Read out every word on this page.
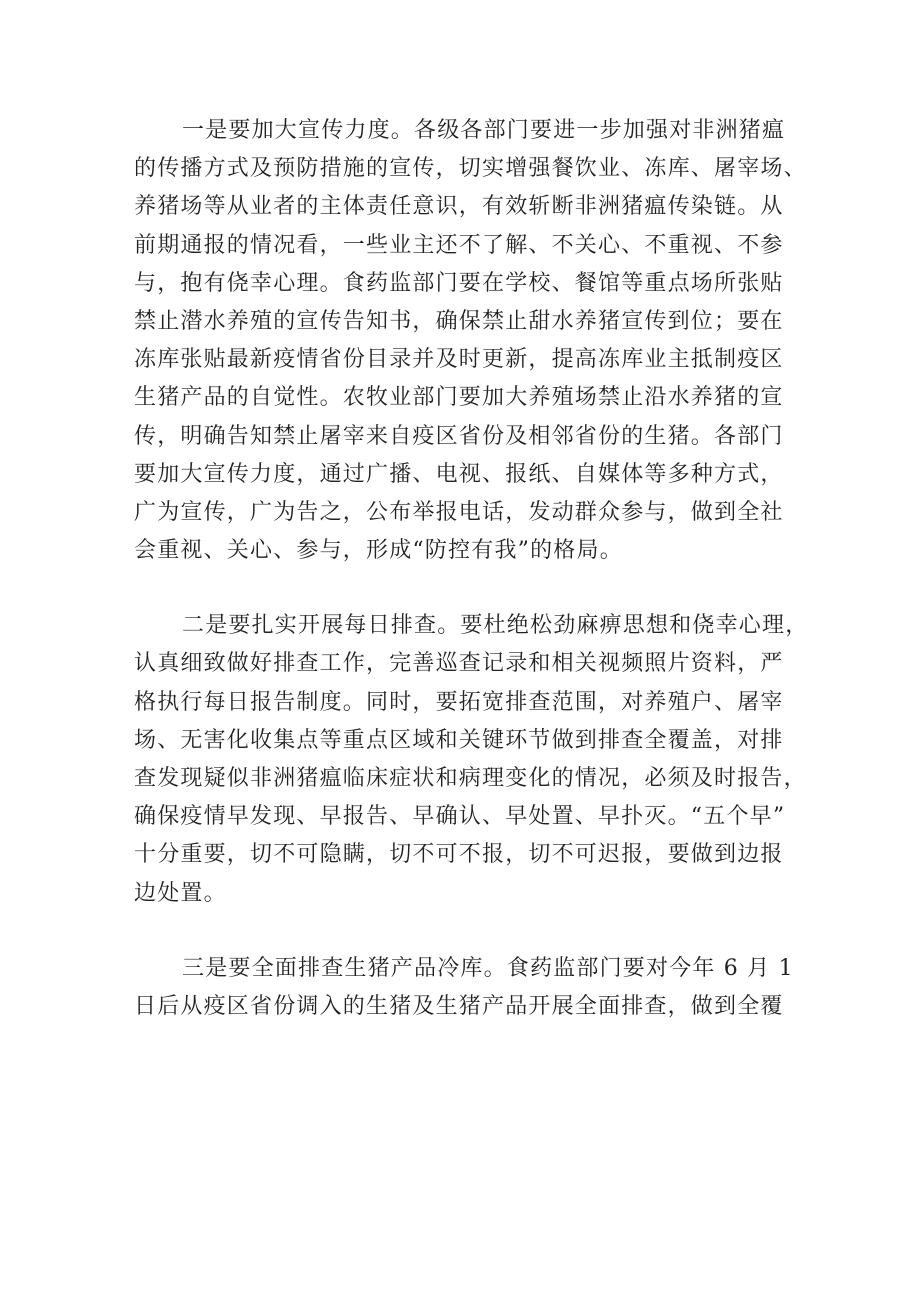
一是要加大宣传力度。各级各部门要进一步加强对非洲猪瘟
的传播方式及预防措施的宣传，切实增强餐饮业、冻库、屠宰场、
养猪场等从业者的主体责任意识，有效斩断非洲猪瘟传染链。从
前期通报的情况看，一些业主还不了解、不关心、不重视、不参
与，抱有侥幸心理。食药监部门要在学校、餐馆等重点场所张贴
禁止潜水养殖的宣传告知书，确保禁止甜水养猪宣传到位；要在
冻库张贴最新疫情省份目录并及时更新，提高冻库业主抵制疫区
生猪产品的自觉性。农牧业部门要加大养殖场禁止沿水养猪的宣
传，明确告知禁止屠宰来自疫区省份及相邻省份的生猪。各部门
要加大宣传力度，通过广播、电视、报纸、自媒体等多种方式，
广为宣传，广为告之，公布举报电话，发动群众参与，做到全社
会重视、关心、参与，形成“防控有我”的格局。
二是要扎实开展每日排查。要杜绝松劲麻痹思想和侥幸心理，
认真细致做好排查工作，完善巡查记录和相关视频照片资料，严
格执行每日报告制度。同时，要拓宽排查范围，对养殖户、屠宰
场、无害化收集点等重点区域和关键环节做到排查全覆盖，对排
查发现疑似非洲猪瘟临床症状和病理变化的情况，必须及时报告，
确保疫情早发现、早报告、早确认、早处置、早扑灭。“五个早”
十分重要，切不可隐瞒，切不可不报，切不可迟报，要做到边报
边处置。
三是要全面排查生猪产品冷库。食药监部门要对今年 6 月 1
日后从疫区省份调入的生猪及生猪产品开展全面排查，做到全覆
